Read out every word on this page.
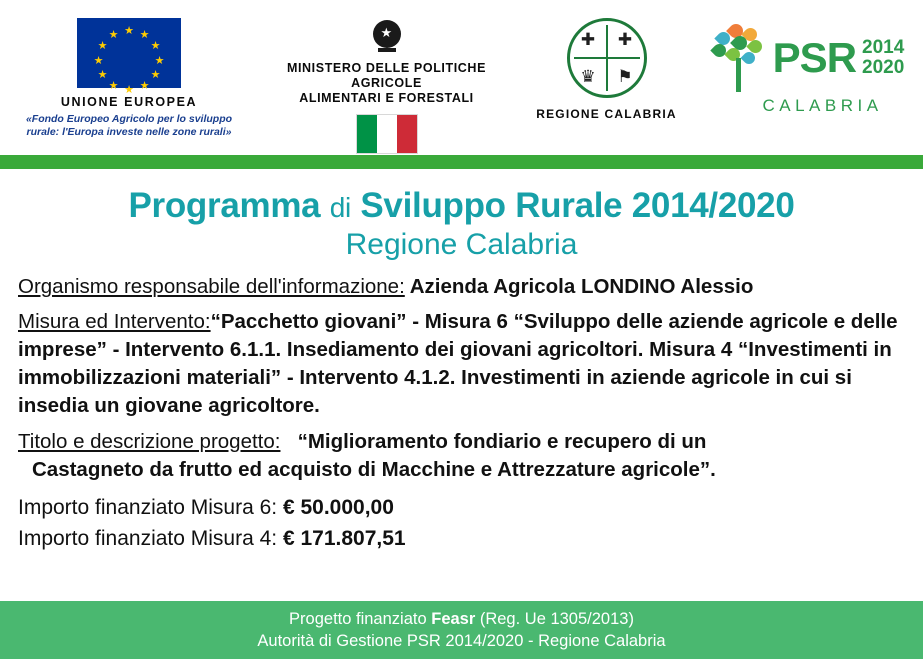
★ ★
★
★
★
★
★
★
★
★
★
★
UNIONE EUROPEA
«Fondo Europeo Agricolo per lo sviluppo rurale: l'Europa investe nelle zone rurali»
★
MINISTERO DELLE POLITICHE AGRICOLE
ALIMENTARI E FORESTALI
✚	✚
♛	⚑
REGIONE CALABRIA
PSR 2014
2020
CALABRIA
Programma di Sviluppo Rurale 2014/2020
Regione Calabria
Organismo responsabile dell'informazione: Azienda Agricola LONDINO Alessio
Misura ed Intervento:“Pacchetto giovani” - Misura 6 “Sviluppo delle aziende agricole e delle imprese” - Intervento 6.1.1. Insediamento dei giovani agricoltori. Misura 4 “Investimenti in immobilizzazioni materiali” - Intervento 4.1.2. Investimenti in aziende agricole in cui si insedia un giovane agricoltore.
Titolo e descrizione progetto: “Miglioramento fondiario e recupero di un
Castagneto da frutto ed acquisto di Macchine e Attrezzature agricole”.
Importo finanziato Misura 6: € 50.000,00
Importo finanziato Misura 4: € 171.807,51
Progetto finanziato Feasr (Reg. Ue 1305/2013)
Autorità di Gestione PSR 2014/2020 - Regione Calabria
